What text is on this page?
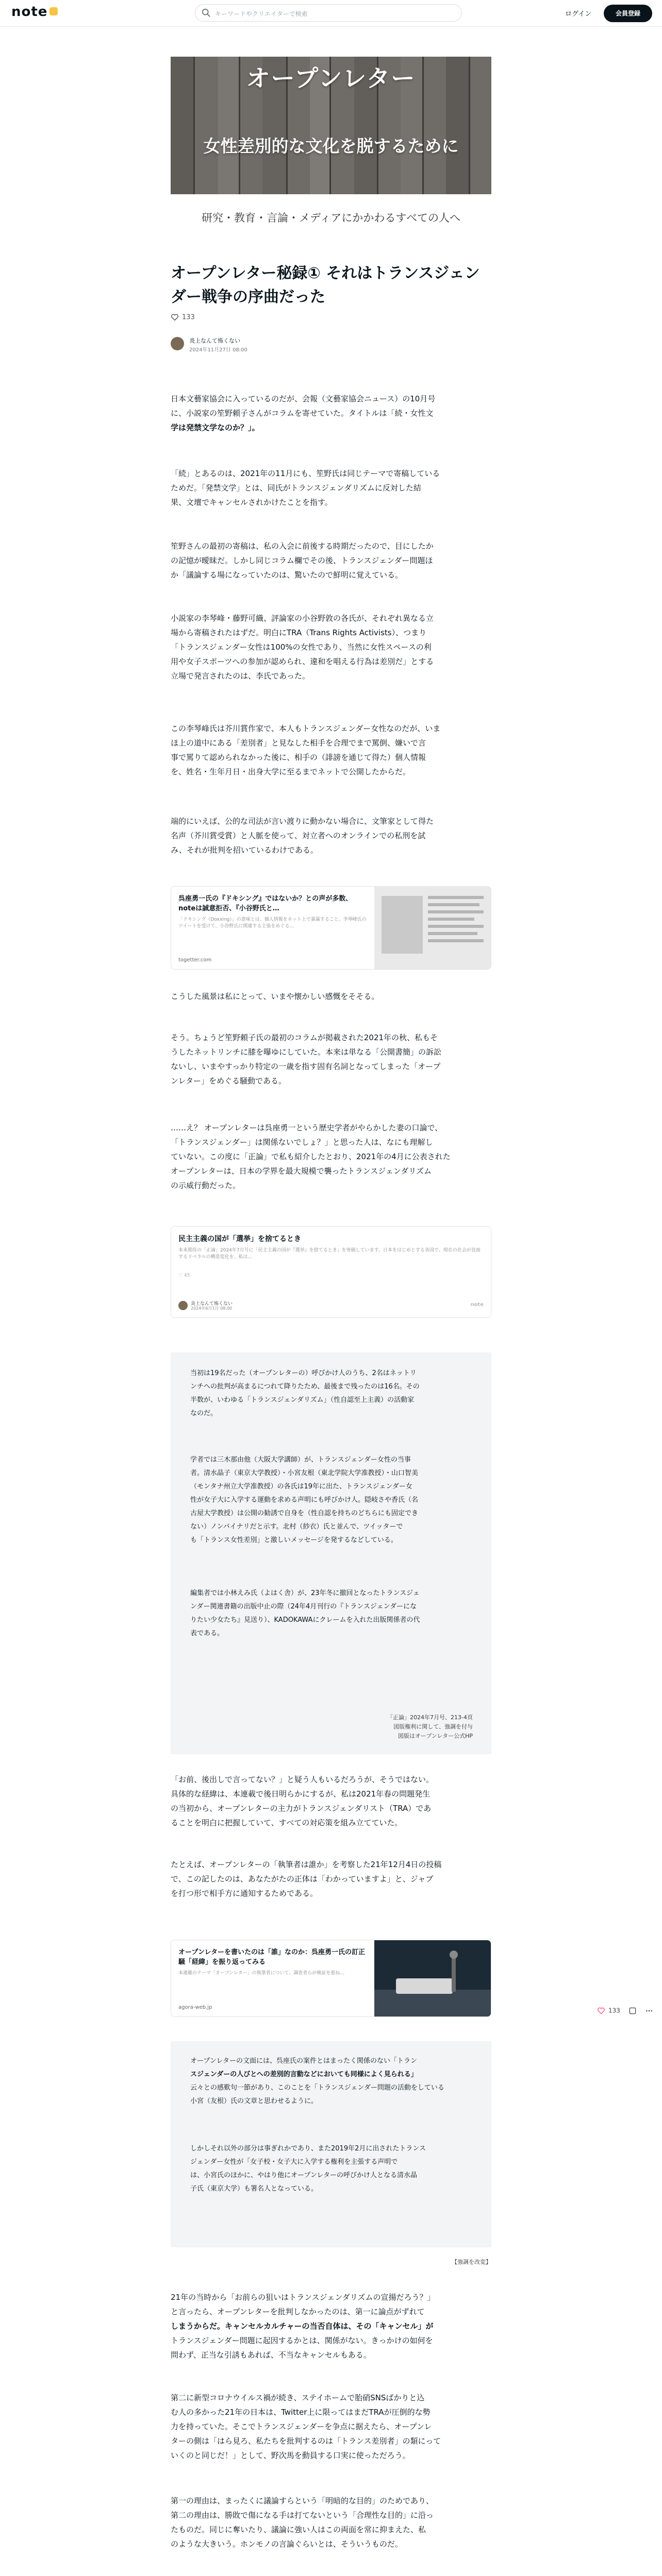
note	キーワードやクリエイターで検索	ログイン	会員登録
オープンレター
女性差別的な文化を脱するために
研究・教育・言論・メディアにかかわるすべての人へ
オープンレター秘録① それはトランスジェン
ダー戦争の序曲だった
133
炎上なんて怖くない
2024年11月27日 08:00
日本文藝家協会に入っているのだが、会報（文藝家協会ニュース）の10月号
に、小説家の笙野頼子さんがコラムを寄せていた。タイトルは「続・女性文
学は発禁文学なのか？」。
「続」とあるのは、2021年の11月にも、笙野氏は同じテーマで寄稿している
ためだ。「発禁文学」とは、同氏がトランスジェンダリズムに反対した結
果、文壇でキャンセルされかけたことを指す。
笙野さんの最初の寄稿は、私の入会に前後する時期だったので、目にしたか
の記憶が曖昧だ。しかし同じコラム欄でその後、トランスジェンダー問題ほ
か「議論する場になっていたのは、驚いたので鮮明に覚えている。
小説家の李琴峰・藤野可織、評論家の小谷野敦の各氏が、それぞれ異なる立
場から寄稿されたはずだ。明白にTRA（Trans Rights Activists）、つまり
「トランスジェンダー女性は100%の女性であり、当然に女性スペースの利
用や女子スポーツへの参加が認められ、違和を唱える行為は差別だ」とする
立場で発言されたのは、李氏であった。
この李琴峰氏は芥川賞作家で、本人もトランスジェンダー女性なのだが、いま
ほ上の道中にある「差別者」と見なした相手を合理でまで罵倒、嫌いで言
事で罵りて認められなかった後に、相手の（誹謗を通じて得た）個人情報
を、姓名・生年月日・出身大学に至るまでネットで公開したからだ。
端的にいえば、公的な司法が言い渡りに動かない場合に、文筆家として得た
名声（芥川賞受賞）と人脈を使って、対立者へのオンラインでの私刑を試
み、それが批判を招いているわけである。
呉座勇一氏の『ドキシング』ではないか？との声が多数、noteは誠意拒否、『小谷野氏と…
「ドキシング（Doxxing）」の意味とは、個人情報をネット上で暴露すること。李琴峰氏のツイートを受けて、小谷野氏に関連する主張をめぐる…
togetter.com
こうした風景は私にとって、いまや懐かしい感慨をそそる。
そう。ちょうど笙野頼子氏の最初のコラムが掲載された2021年の秋、私もそ
うしたネットリンチに膝を曝ゆにしていた。本来は単なる「公開書簡」の訴訟
ないし、いまやすっかり特定の一歳を指す固有名詞となってしまった「オープ
ンレター」をめぐる騒動である。
……え？ オープンレターは呉座勇一という歴史学者がやらかした妻の口論で、
「トランスジェンダー」は関係ないでしょ？」と思った人は、なにも理解し
ていない。この度に「正論」で私も紹介したとおり、2021年の4月に公表された
オープンレターは、日本の学界を最大規模で襲ったトランスジェンダリズム
の示威行動だった。
民主主義の国が「選挙」を捨てるとき
本来期待の「正論」2024年7月号に「民主主義の国が『選挙』を捨てるとき」を寄稿しています。日本をはじめとする各国で、現在の社会が直面するリベラルの構造変化を、私は…
♡ 45
炎上なんて怖くない
2024年6月1日 08:00
note
当初は19名だった（オープンレターの）呼びかけ人のうち、2名はネットリ
ンチへの批判が高まるにつれて降りたため、最後まで残ったのは16名。その
半数が、いわゆる「トランスジェンダリズム」（性自認至上主義）の活動家
なのだ。
学者では三木那由他（大阪大学講師）が、トランスジェンダー女性の当事
者。清水晶子（東京大学教授）・小宮友根（東北学院大学准教授）・山口智美
（モンタナ州立大学准教授）の各氏は19年に出た、トランスジェンダー女
性が女子大に入学する運動を求める声明にも呼びかけ人。隠岐さや香氏（名
古屋大学教授）は公開の勧誘で自身を（性自認を持ちのどちらにも固定でき
ない）ノンバイナリだと示す。北村（紗衣）氏と並んで、ツイッターで
も「トランス女性差別」と激しいメッセージを発するなどしている。
編集者では小林えみ氏（よはく舎）が、23年冬に撤回となったトランスジェ
ンダー関連書籍の出版中止の際（24年4月刊行の『トランスジェンダーにな
りたい少女たち』見送り）、KADOKAWAにクレームを入れた出版関係者の代
表である。
「正論」2024年7月号、213-4頁
図版権利に関して、強調を付与
図版はオープンレター公式HP
「お前、後出しで言ってない？」と疑う人もいるだろうが、そうではない。
具体的な経緯は、本連載で後日明らかにするが、私は2021年春の問題発生
の当初から、オープンレターの主力がトランスジェンダリスト（TRA）であ
ることを明白に把握していて、すべての対応策を組み立てていた。
たとえば、オープンレターの「執筆者は誰か」を考察した21年12月4日の投稿
で、この記したのは、あなたがたの正体は「わかっていますよ」と、ジャブ
を打つ形で相手方に通知するためである。
オープンレターを書いたのは「誰」なのか：呉座勇一氏の訂正騒「経緯」を振り返ってみる
本連載のテーマ「オープンレター」の執筆者について、調査者らが検証を重ね…
agora-web.jp	133
オープンレターの文面には、呉座氏の案件とはまったく関係のない「トラン
スジェンダーの人びとへの差別的言動などにおいても同様によく見られる」
云々との感歎句一節があり、このことを「トランスジェンダー問題の活動をしている
小宮（友根）氏の文章と思わせるように。
しかしそれ以外の部分は事ぎれかであり、また2019年2月に出されたトランス
ジェンダー女性が「女子校・女子大に入学する権利を主張する声明で
は、小宮氏のほかに、やはり他にオープンレターの呼びかけ人となる清水晶
子氏（東京大学）も署名人となっている。
【強調を改変】
21年の当時から「お前らの狙いはトランスジェンダリズムの宣揚だろう？」
と言ったら、オープンレターを批判しなかったのは、第一に論点がずれて
しまうからだ。キャンセルカルチャーの当否自体は、その「キャンセル」が
トランスジェンダー問題に起因するかとは、関係がない。きっかけの如何を
問わず、正当な引誘もあれば、不当なキャンセルもある。
第二に新型コロナウイルス禍が続き、ステイホームで胎硝SNSばかりと込
む人の多かった21年の日本は、Twitter上に限ってはまだTRAが圧倒的な勢
力を持っていた。そこでトランスジェンダーを争点に据えたら、オープンレ
ターの側は「はら見ろ、私たちを批判するのは「トランス差別者」の類にって
いくのと同じだ！」として、野次馬を動員する口実に使っただろう。
第一の理由は、まったくに議論すらという「明暗的な目的」のためであり、
第二の理由は、勝敗で傷になる手は打てないという「合理性な目的」に沿っ
たものだ。同じに奪いたり、議論に強い人はこの両面を常に抑まえた、私
のような大きいう。ホンモノの言論ぐらいとは、そういうものだ。
